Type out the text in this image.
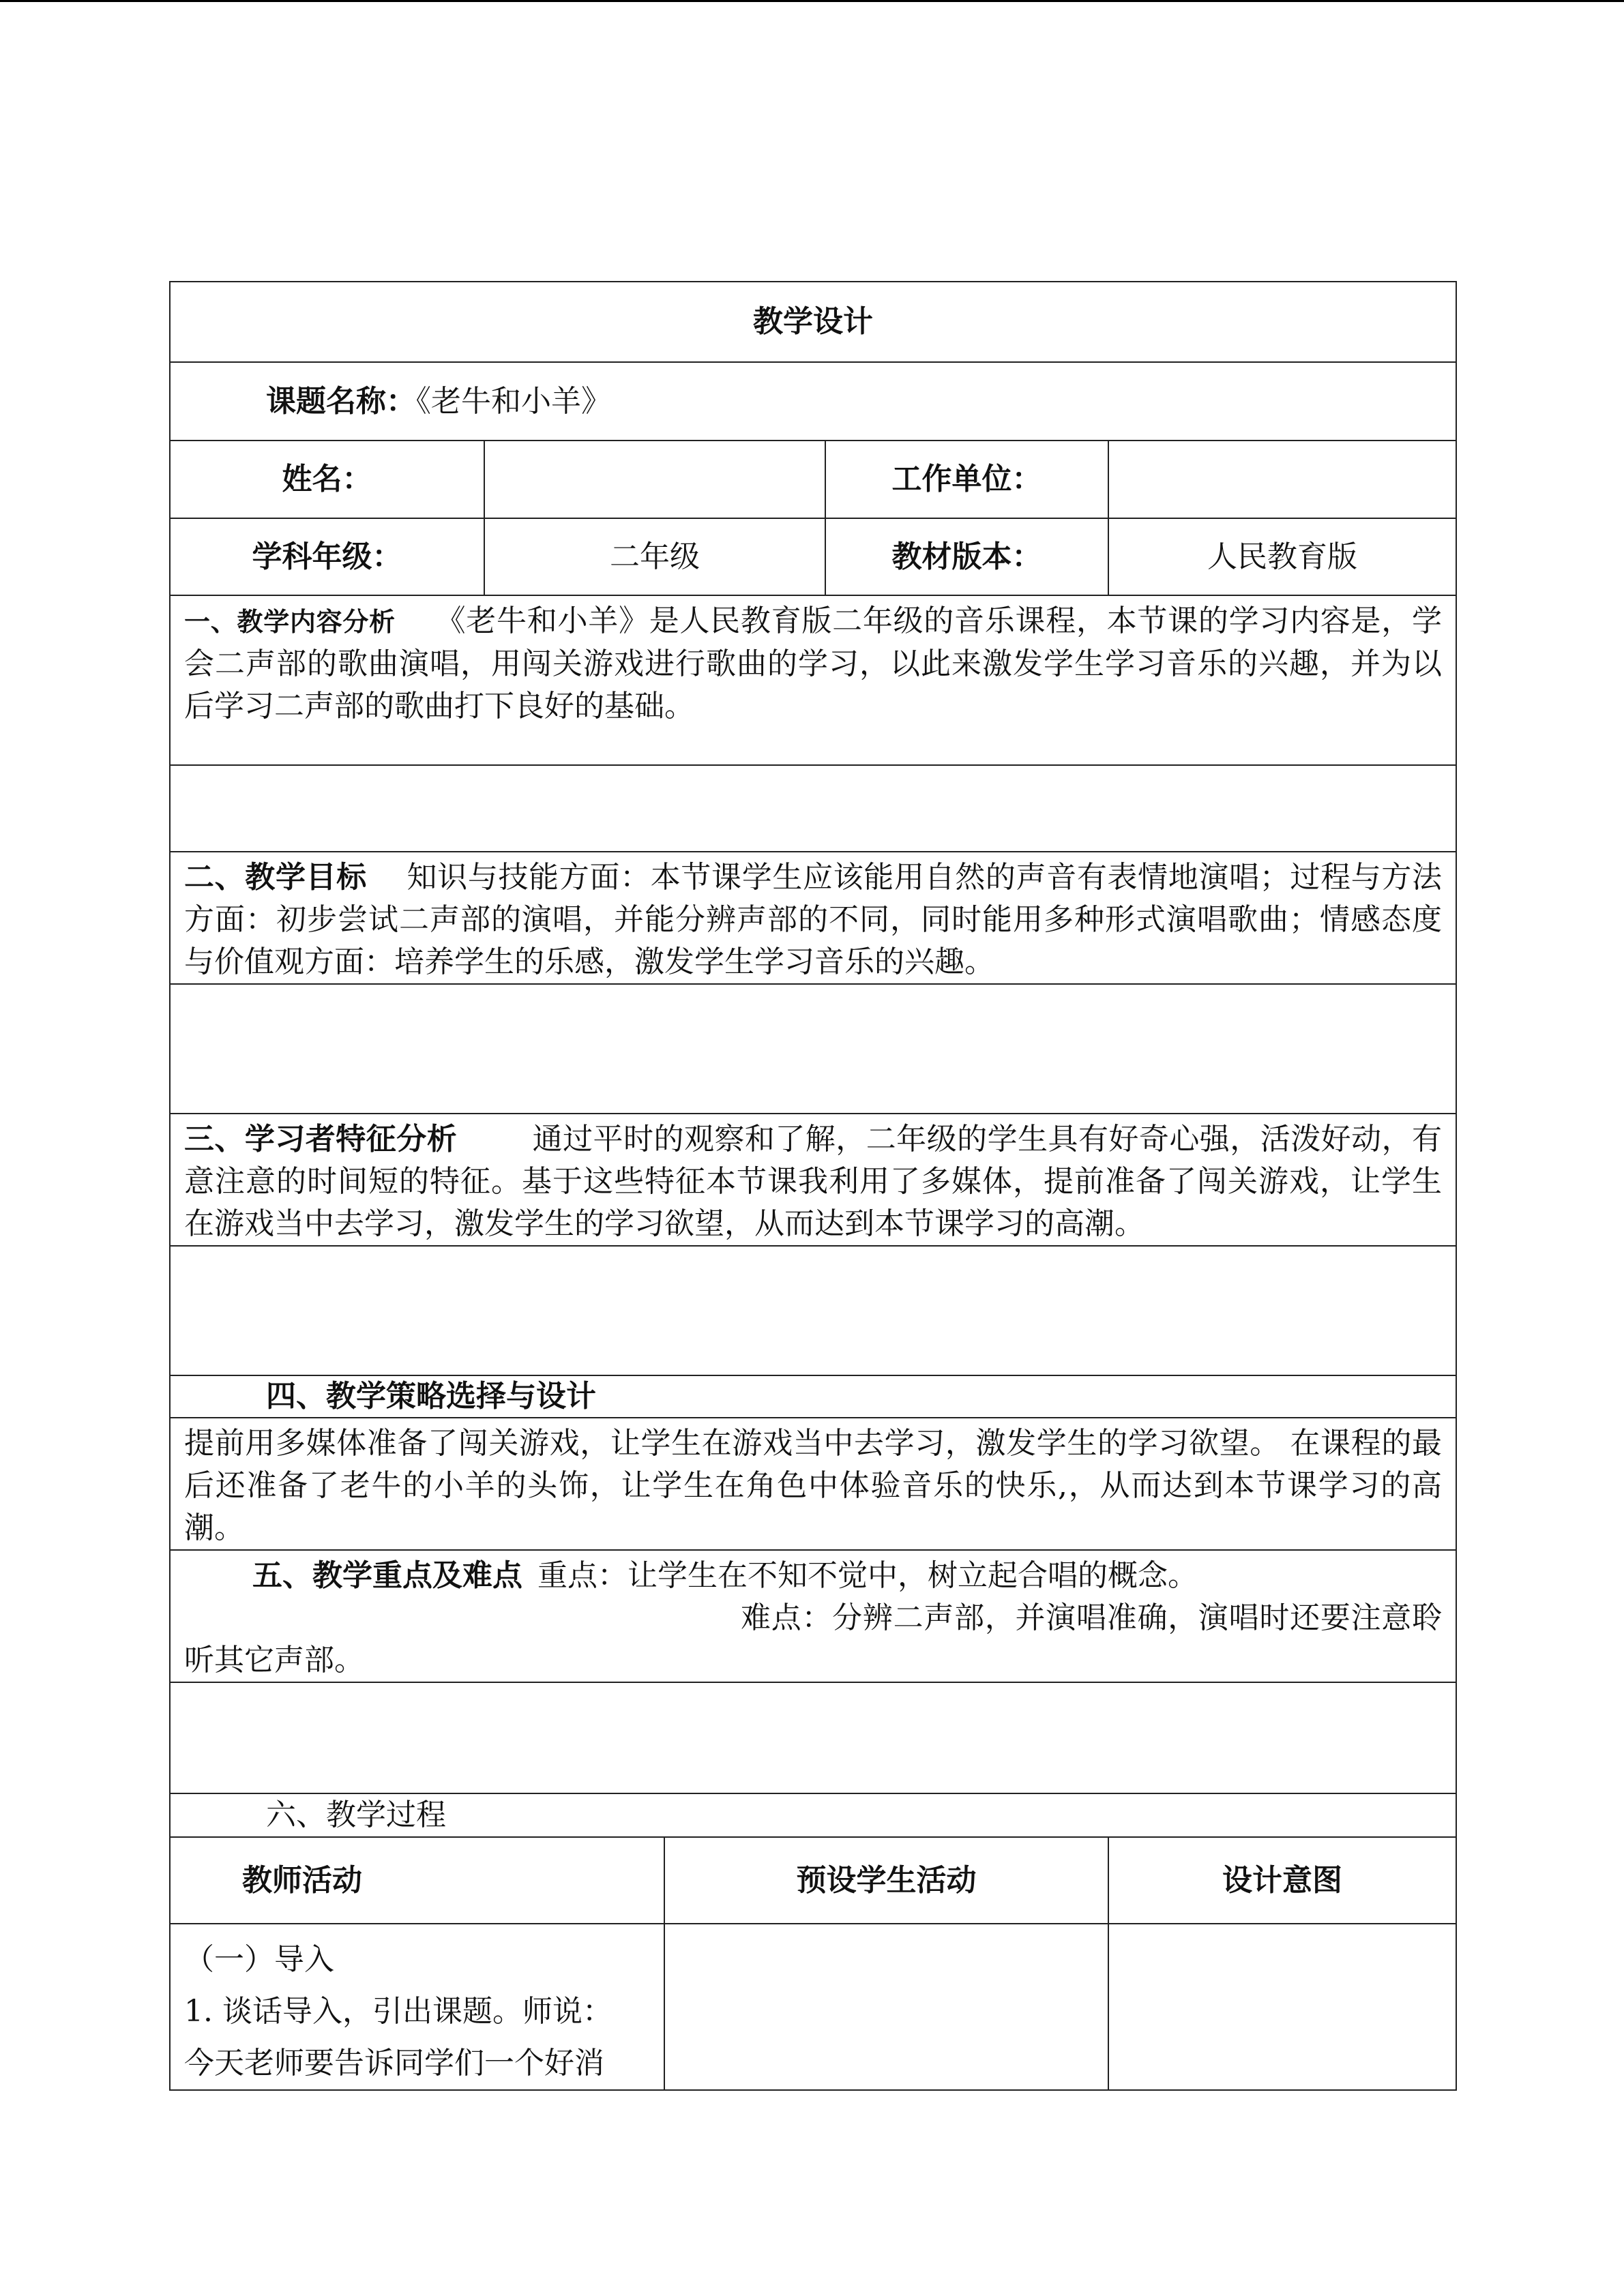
教学设计				
课题名称：《老牛和小羊》				
姓名：			工作单位：	
学科年级：	二年级		教材版本：	人民教育版
一、教学内容分析  《老牛和小羊》是人民教育版二年级的音乐课程，本节课的学习内容是，学会二声部的歌曲演唱，用闯关游戏进行歌曲的学习，以此来激发学生学习音乐的兴趣，并为以后学习二声部的歌曲打下良好的基础。				

二、教学目标  知识与技能方面：本节课学生应该能用自然的声音有表情地演唱；过程与方法方面：初步尝试二声部的演唱，并能分辨声部的不同，同时能用多种形式演唱歌曲；情感态度与价值观方面：培养学生的乐感，激发学生学习音乐的兴趣。				

三、学习者特征分析    通过平时的观察和了解，二年级的学生具有好奇心强，活泼好动，有意注意的时间短的特征。基于这些特征本节课我利用了多媒体，提前准备了闯关游戏，让学生在游戏当中去学习，激发学生的学习欲望，从而达到本节课学习的高潮。				

四、教学策略选择与设计				
提前用多媒体准备了闯关游戏，让学生在游戏当中去学习，激发学生的学习欲望。 在课程的最后还准备了老牛的小羊的头饰，让学生在角色中体验音乐的快乐,，从而达到本节课学习的高潮。				

五、教学重点及难点  重点：让学生在不知不觉中，树立起合唱的概念。
难点：分辨二声部，并演唱准确，演唱时还要注意聆听其它声部。				

六、教学过程				
教师活动		预设学生活动		设计意图

（一）导入
1. 谈话导入，引出课题。师说：
今天老师要告诉同学们一个好消				
